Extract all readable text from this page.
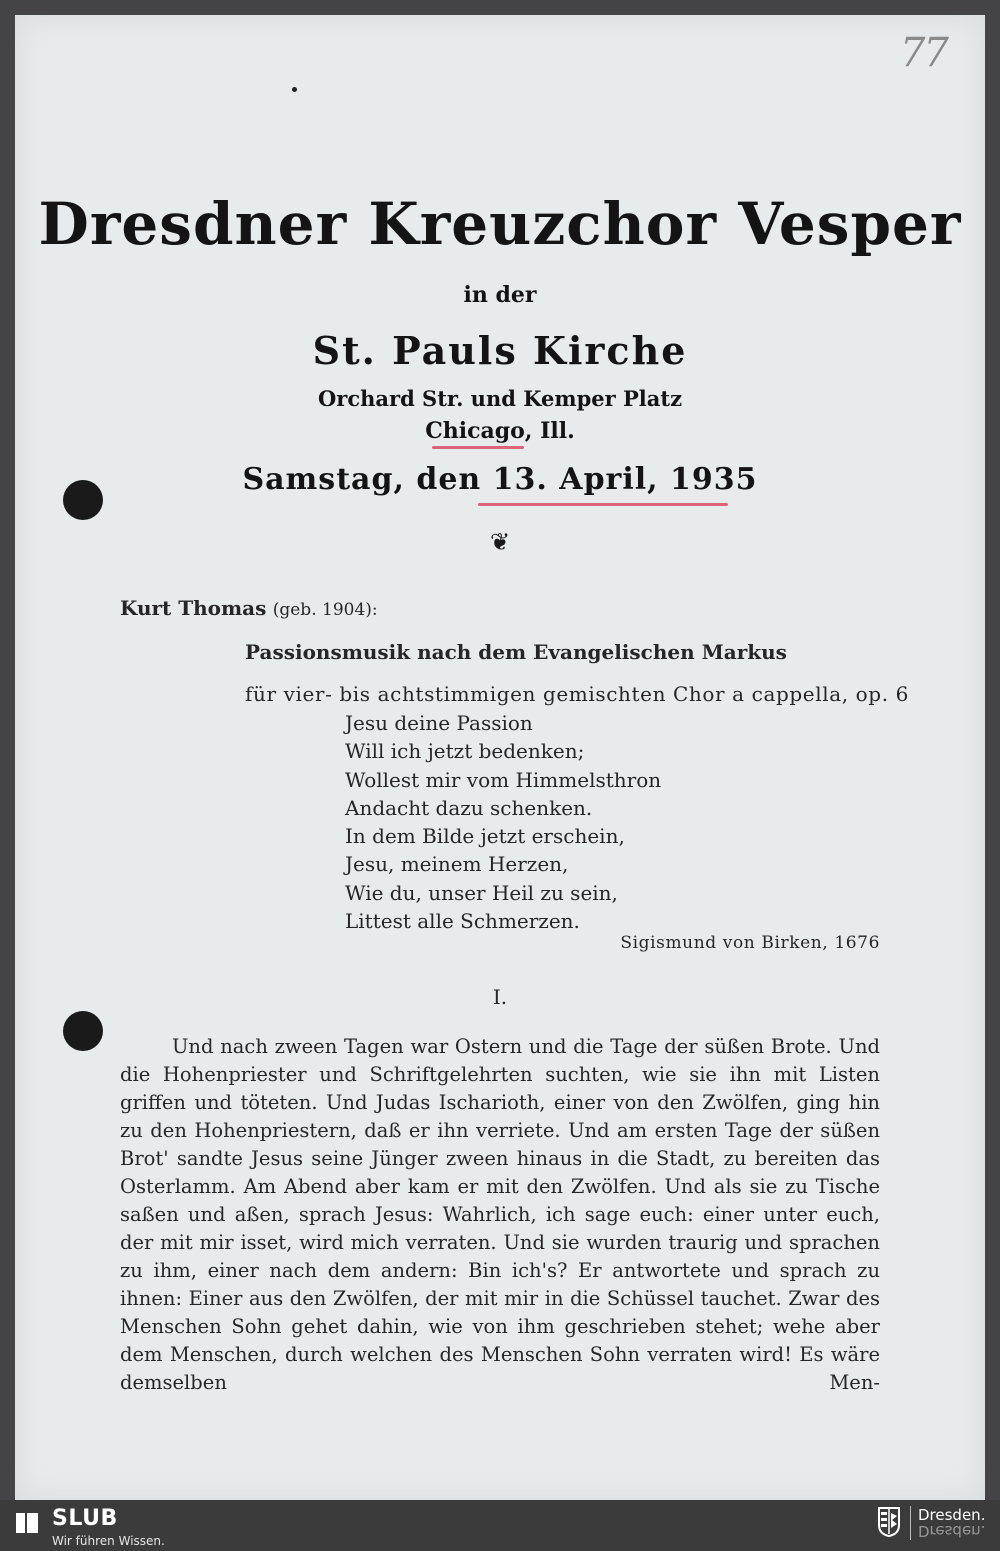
77
Dresdner Kreuzchor Vesper
in der
St. Pauls Kirche
Orchard Str. und Kemper Platz
Chicago, Ill.
Samstag, den 13. April, 1935
❦
Kurt Thomas (geb. 1904):
Passionsmusik nach dem Evangelischen Markus
für vier- bis achtstimmigen gemischten Chor a cappella, op. 6
Jesu deine Passion
Will ich jetzt bedenken;
Wollest mir vom Himmelsthron
Andacht dazu schenken.
In dem Bilde jetzt erschein,
Jesu, meinem Herzen,
Wie du, unser Heil zu sein,
Littest alle Schmerzen.
Sigismund von Birken, 1676
I.
Und nach zween Tagen war Ostern und die Tage der süßen Brote. Und die Hohenpriester und Schriftgelehrten suchten, wie sie ihn mit Listen griffen und töteten. Und Judas Ischarioth, einer von den Zwölfen, ging hin zu den Hohenpriestern, daß er ihn verriete. Und am ersten Tage der süßen Brot' sandte Jesus seine Jünger zween hinaus in die Stadt, zu bereiten das Osterlamm. Am Abend aber kam er mit den Zwölfen. Und als sie zu Tische saßen und aßen, sprach Jesus: Wahrlich, ich sage euch: einer unter euch, der mit mir isset, wird mich verraten. Und sie wurden traurig und sprachen zu ihm, einer nach dem andern: Bin ich's? Er antwortete und sprach zu ihnen: Einer aus den Zwölfen, der mit mir in die Schüssel tauchet. Zwar des Menschen Sohn gehet dahin, wie von ihm geschrieben stehet; wehe aber dem Menschen, durch welchen des Menschen Sohn verraten wird! Es wäre demselben Men-
SLUB
Wir führen Wissen.
Dresden.
Dresden.
